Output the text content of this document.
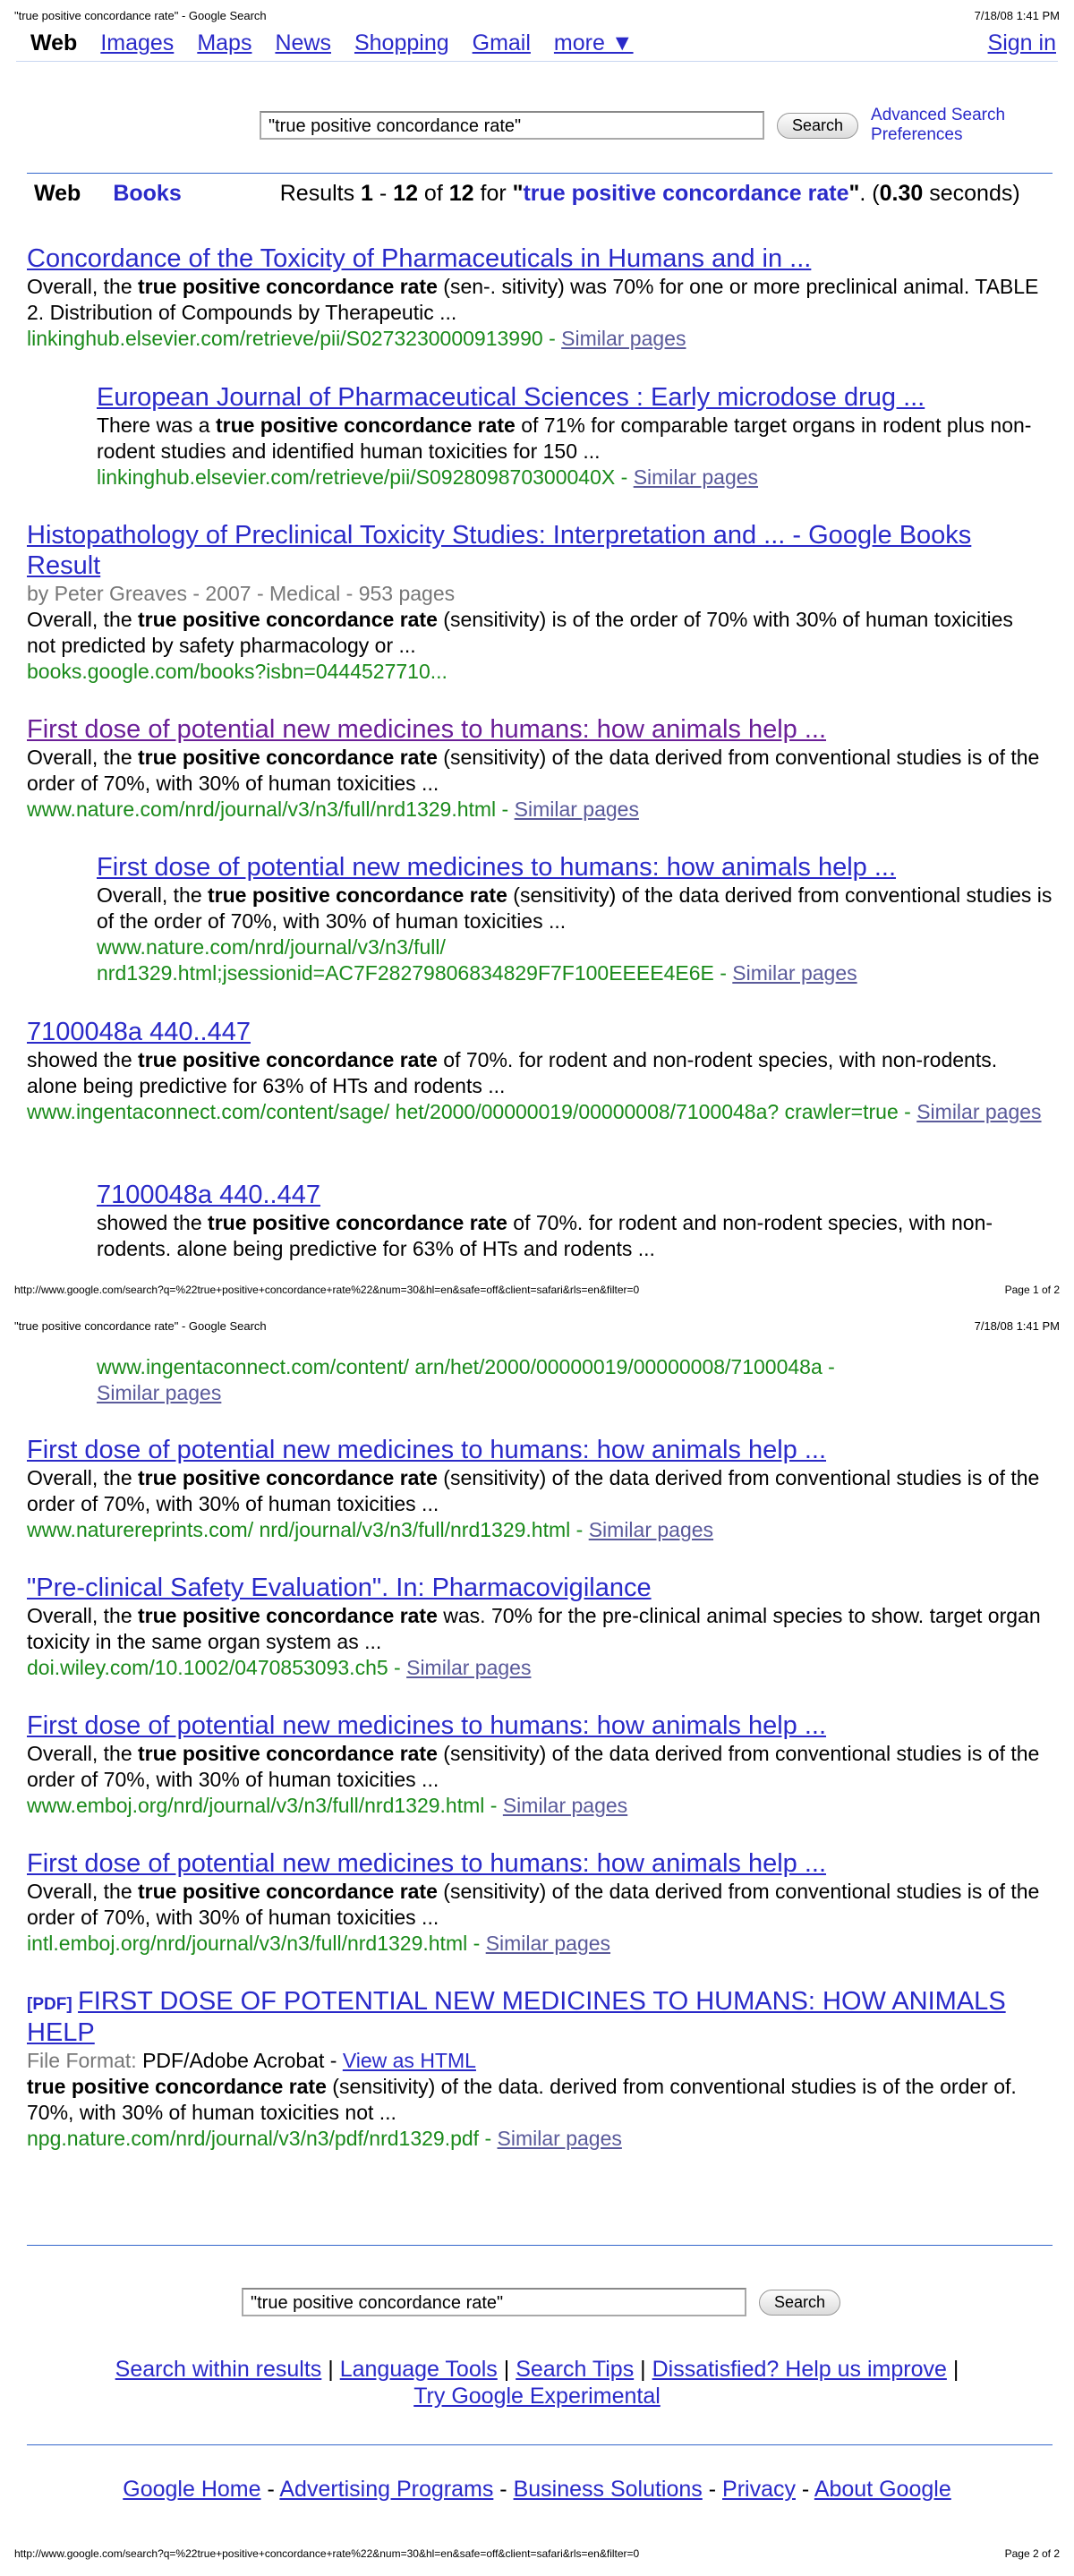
"true positive concordance rate" - Google Search	7/18/08 1:41 PM
Web Images Maps News Shopping Gmail more ▼	Sign in
"true positive concordance rate"	Search
Advanced Search
Preferences
Web Books	Results 1 - 12 of 12 for "true positive concordance rate". (0.30 seconds)
Concordance of the Toxicity of Pharmaceuticals in Humans and in ...
Overall, the true positive concordance rate (sen-. sitivity) was 70% for one or more preclinical animal. TABLE 2. Distribution of Compounds by Therapeutic ...
linkinghub.elsevier.com/retrieve/pii/S0273230000913990 - Similar pages
European Journal of Pharmaceutical Sciences : Early microdose drug ...
There was a true positive concordance rate of 71% for comparable target organs in rodent plus non-rodent studies and identified human toxicities for 150 ...
linkinghub.elsevier.com/retrieve/pii/S092809870300040X - Similar pages
Histopathology of Preclinical Toxicity Studies: Interpretation and ... - Google Books Result
by Peter Greaves - 2007 - Medical - 953 pages
Overall, the true positive concordance rate (sensitivity) is of the order of 70% with 30% of human toxicities not predicted by safety pharmacology or ...
books.google.com/books?isbn=0444527710...
First dose of potential new medicines to humans: how animals help ...
Overall, the true positive concordance rate (sensitivity) of the data derived from conventional studies is of the order of 70%, with 30% of human toxicities ...
www.nature.com/nrd/journal/v3/n3/full/nrd1329.html - Similar pages
First dose of potential new medicines to humans: how animals help ...
Overall, the true positive concordance rate (sensitivity) of the data derived from conventional studies is of the order of 70%, with 30% of human toxicities ...
www.nature.com/nrd/journal/v3/n3/full/ nrd1329.html;jsessionid=AC7F28279806834829F7F100EEEE4E6E - Similar pages
7100048a 440..447
showed the true positive concordance rate of 70%. for rodent and non-rodent species, with non-rodents. alone being predictive for 63% of HTs and rodents ...
www.ingentaconnect.com/content/sage/ het/2000/00000019/00000008/7100048a? crawler=true - Similar pages
7100048a 440..447
showed the true positive concordance rate of 70%. for rodent and non-rodent species, with non-rodents. alone being predictive for 63% of HTs and rodents ...
http://www.google.com/search?q=%22true+positive+concordance+rate%22&num=30&hl=en&safe=off&client=safari&rls=en&filter=0	Page 1 of 2
"true positive concordance rate" - Google Search	7/18/08 1:41 PM
www.ingentaconnect.com/content/ arn/het/2000/00000019/00000008/7100048a -
Similar pages
First dose of potential new medicines to humans: how animals help ...
Overall, the true positive concordance rate (sensitivity) of the data derived from conventional studies is of the order of 70%, with 30% of human toxicities ...
www.naturereprints.com/ nrd/journal/v3/n3/full/nrd1329.html - Similar pages
"Pre-clinical Safety Evaluation". In: Pharmacovigilance
Overall, the true positive concordance rate was. 70% for the pre-clinical animal species to show. target organ toxicity in the same organ system as ...
doi.wiley.com/10.1002/0470853093.ch5 - Similar pages
First dose of potential new medicines to humans: how animals help ...
Overall, the true positive concordance rate (sensitivity) of the data derived from conventional studies is of the order of 70%, with 30% of human toxicities ...
www.emboj.org/nrd/journal/v3/n3/full/nrd1329.html - Similar pages
First dose of potential new medicines to humans: how animals help ...
Overall, the true positive concordance rate (sensitivity) of the data derived from conventional studies is of the order of 70%, with 30% of human toxicities ...
intl.emboj.org/nrd/journal/v3/n3/full/nrd1329.html - Similar pages
[PDF] FIRST DOSE OF POTENTIAL NEW MEDICINES TO HUMANS: HOW ANIMALS HELP
File Format: PDF/Adobe Acrobat - View as HTML
true positive concordance rate (sensitivity) of the data. derived from conventional studies is of the order of. 70%, with 30% of human toxicities not ...
npg.nature.com/nrd/journal/v3/n3/pdf/nrd1329.pdf - Similar pages
"true positive concordance rate"	Search
Search within results | Language Tools | Search Tips | Dissatisfied? Help us improve |
Try Google Experimental
Google Home - Advertising Programs - Business Solutions - Privacy - About Google
http://www.google.com/search?q=%22true+positive+concordance+rate%22&num=30&hl=en&safe=off&client=safari&rls=en&filter=0	Page 2 of 2
